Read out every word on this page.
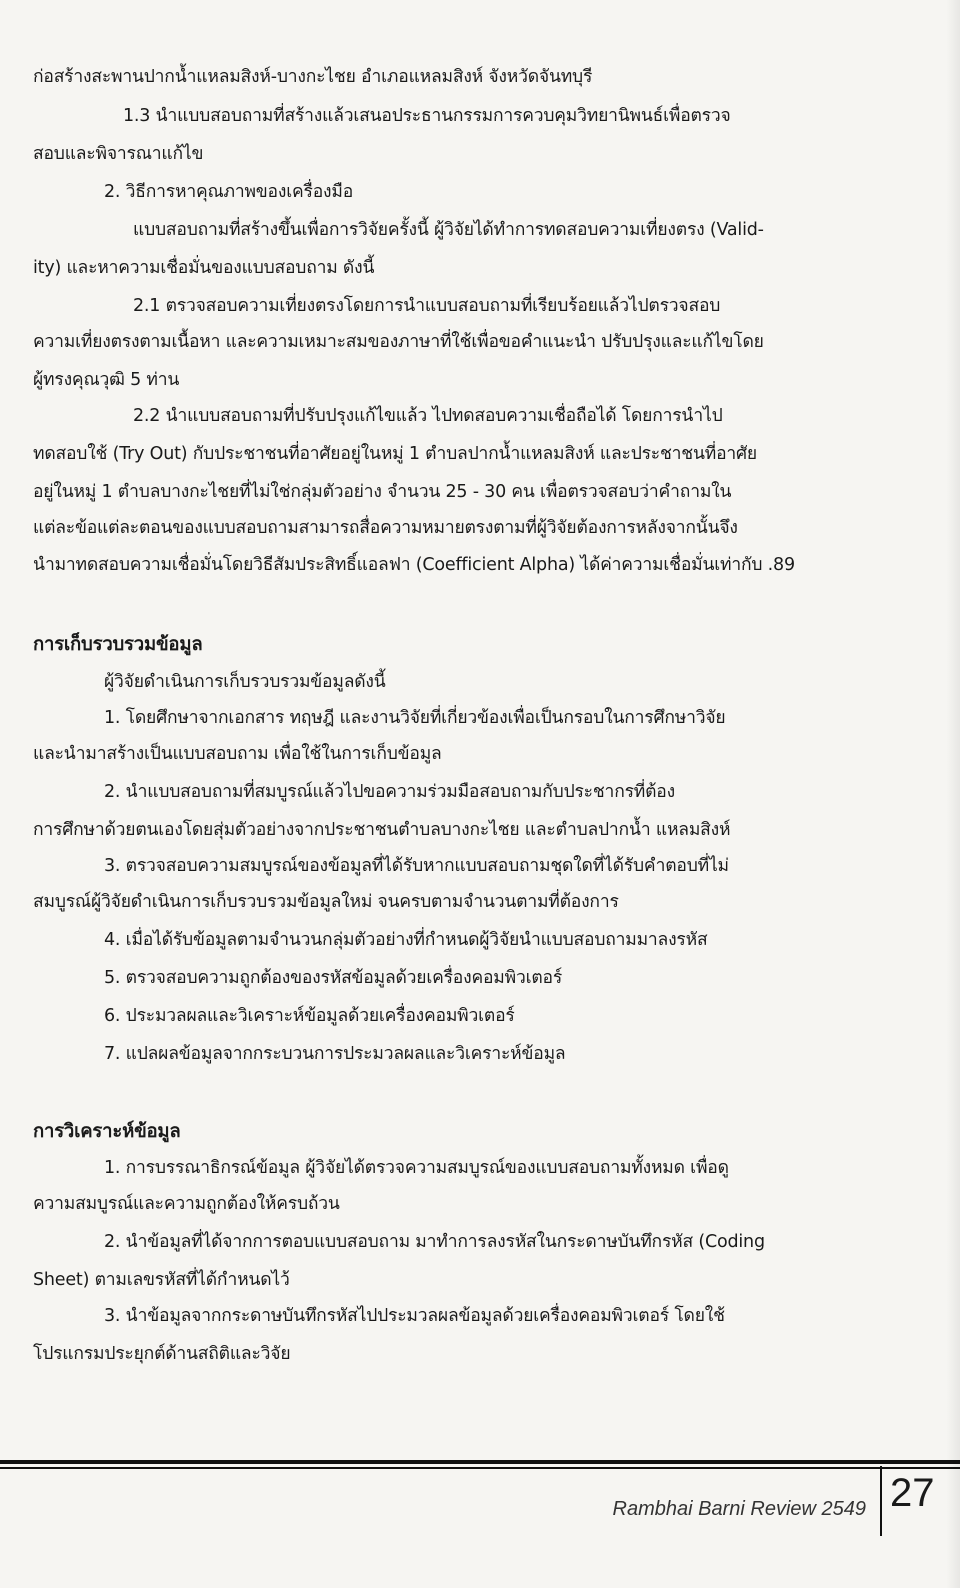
ก่อสร้างสะพานปากน้ำแหลมสิงห์-บางกะไชย อำเภอแหลมสิงห์ จังหวัดจันทบุรี
1.3 นำแบบสอบถามที่สร้างแล้วเสนอประธานกรรมการควบคุมวิทยานิพนธ์เพื่อตรวจ
สอบและพิจารณาแก้ไข
2. วิธีการหาคุณภาพของเครื่องมือ
แบบสอบถามที่สร้างขึ้นเพื่อการวิจัยครั้งนี้ ผู้วิจัยได้ทำการทดสอบความเที่ยงตรง (Valid-
ity) และหาความเชื่อมั่นของแบบสอบถาม ดังนี้
2.1 ตรวจสอบความเที่ยงตรงโดยการนำแบบสอบถามที่เรียบร้อยแล้วไปตรวจสอบ
ความเที่ยงตรงตามเนื้อหา และความเหมาะสมของภาษาที่ใช้เพื่อขอคำแนะนำ ปรับปรุงและแก้ไขโดย
ผู้ทรงคุณวุฒิ 5 ท่าน
2.2 นำแบบสอบถามที่ปรับปรุงแก้ไขแล้ว ไปทดสอบความเชื่อถือได้ โดยการนำไป
ทดสอบใช้ (Try Out) กับประชาชนที่อาศัยอยู่ในหมู่ 1 ตำบลปากน้ำแหลมสิงห์ และประชาชนที่อาศัย
อยู่ในหมู่ 1 ตำบลบางกะไชยที่ไม่ใช่กลุ่มตัวอย่าง จำนวน 25 - 30 คน เพื่อตรวจสอบว่าคำถามใน
แต่ละข้อแต่ละตอนของแบบสอบถามสามารถสื่อความหมายตรงตามที่ผู้วิจัยต้องการหลังจากนั้นจึง
นำมาทดสอบความเชื่อมั่นโดยวิธีสัมประสิทธิ์แอลฟา (Coefficient Alpha) ได้ค่าความเชื่อมั่นเท่ากับ .89
การเก็บรวบรวมข้อมูล
ผู้วิจัยดำเนินการเก็บรวบรวมข้อมูลดังนี้
1. โดยศึกษาจากเอกสาร ทฤษฎี และงานวิจัยที่เกี่ยวข้องเพื่อเป็นกรอบในการศึกษาวิจัย
และนำมาสร้างเป็นแบบสอบถาม เพื่อใช้ในการเก็บข้อมูล
2. นำแบบสอบถามที่สมบูรณ์แล้วไปขอความร่วมมือสอบถามกับประชากรที่ต้อง
การศึกษาด้วยตนเองโดยสุ่มตัวอย่างจากประชาชนตำบลบางกะไชย และตำบลปากน้ำ แหลมสิงห์
3. ตรวจสอบความสมบูรณ์ของข้อมูลที่ได้รับหากแบบสอบถามชุดใดที่ได้รับคำตอบที่ไม่
สมบูรณ์ผู้วิจัยดำเนินการเก็บรวบรวมข้อมูลใหม่ จนครบตามจำนวนตามที่ต้องการ
4. เมื่อได้รับข้อมูลตามจำนวนกลุ่มตัวอย่างที่กำหนดผู้วิจัยนำแบบสอบถามมาลงรหัส
5. ตรวจสอบความถูกต้องของรหัสข้อมูลด้วยเครื่องคอมพิวเตอร์
6. ประมวลผลและวิเคราะห์ข้อมูลด้วยเครื่องคอมพิวเตอร์
7. แปลผลข้อมูลจากกระบวนการประมวลผลและวิเคราะห์ข้อมูล
การวิเคราะห์ข้อมูล
1. การบรรณาธิกรณ์ข้อมูล ผู้วิจัยได้ตรวจความสมบูรณ์ของแบบสอบถามทั้งหมด เพื่อดู
ความสมบูรณ์และความถูกต้องให้ครบถ้วน
2. นำข้อมูลที่ได้จากการตอบแบบสอบถาม มาทำการลงรหัสในกระดาษบันทึกรหัส (Coding
Sheet) ตามเลขรหัสที่ได้กำหนดไว้
3. นำข้อมูลจากกระดาษบันทึกรหัสไปประมวลผลข้อมูลด้วยเครื่องคอมพิวเตอร์ โดยใช้
โปรแกรมประยุกต์ด้านสถิติและวิจัย
Rambhai Barni Review 2549 27
